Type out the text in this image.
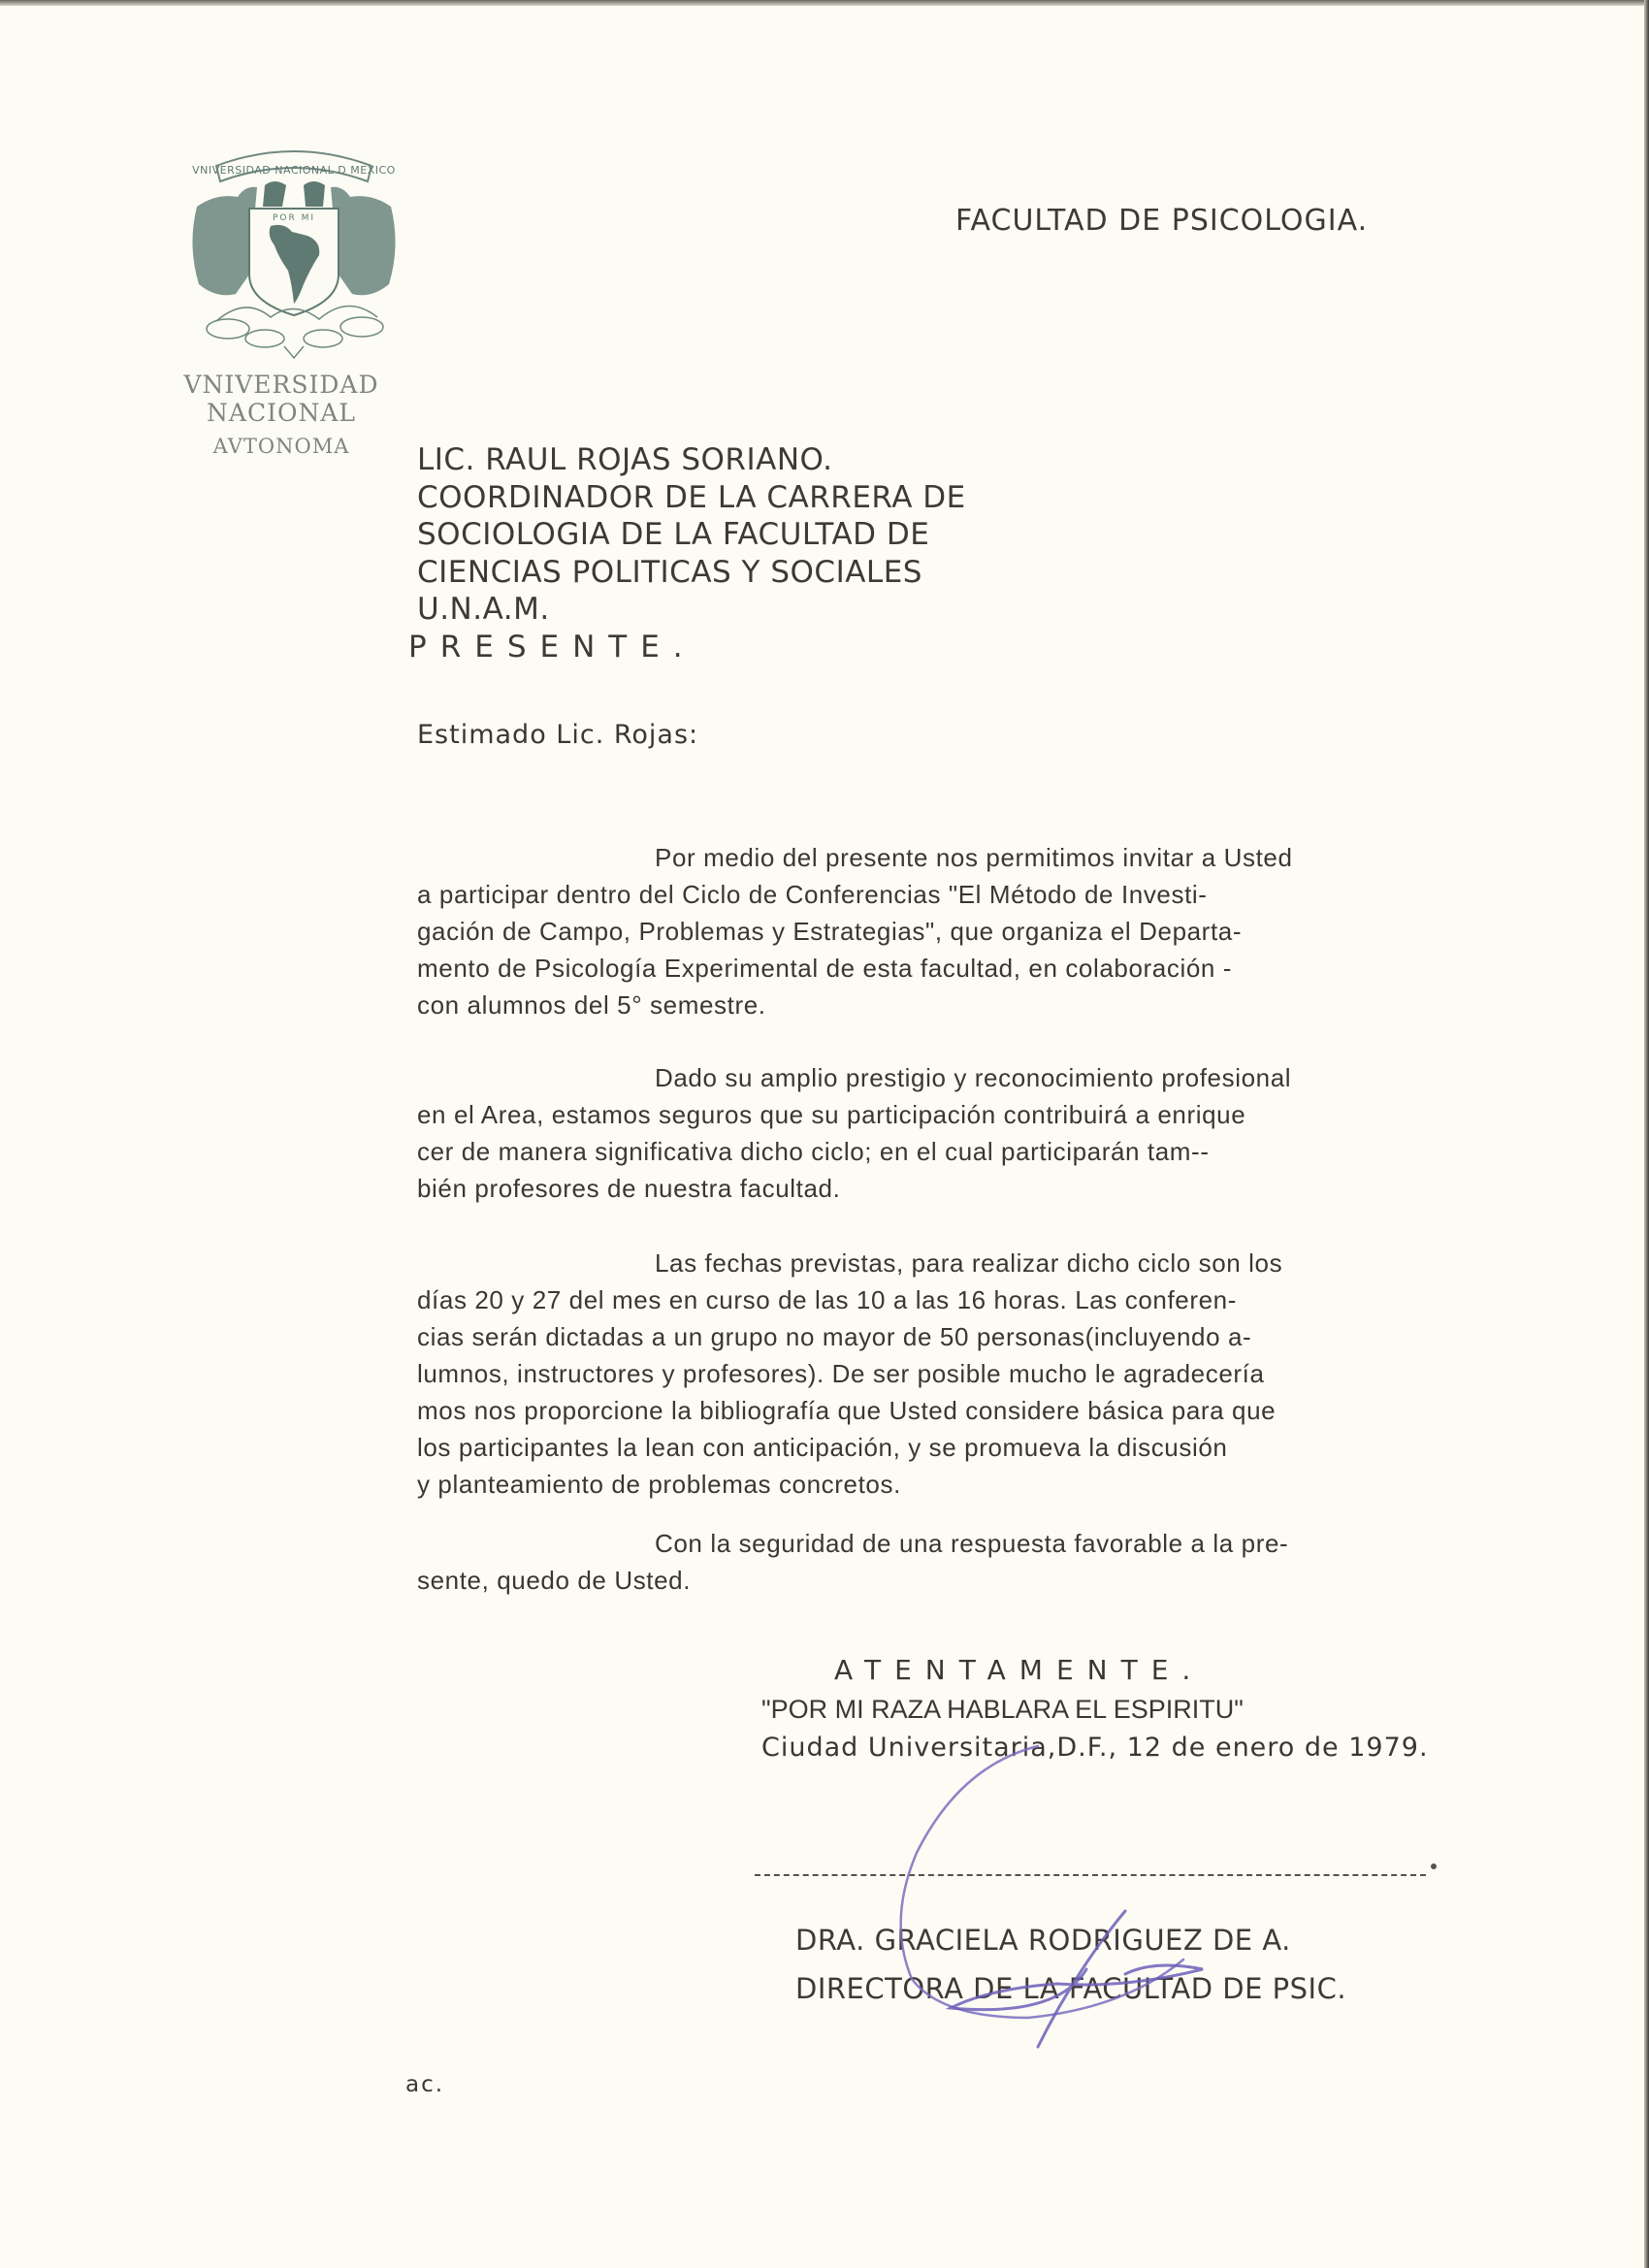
VNIVERSIDAD NACIONAL D MEXICO
POR MI
VNIVERSIDAD NACIONAL
AVTONOMA
FACULTAD DE PSICOLOGIA.
LIC. RAUL ROJAS SORIANO.
COORDINADOR DE LA CARRERA DE
SOCIOLOGIA DE LA FACULTAD DE
CIENCIAS POLITICAS Y SOCIALES
U.N.A.M.
PRESENTE.
Estimado Lic. Rojas:
Por medio del presente nos permitimos invitar a Usted
a participar dentro del Ciclo de Conferencias "El Método de Investi-
gación de Campo, Problemas y Estrategias", que organiza el Departa-
mento de Psicología Experimental de esta facultad, en colaboración -
con alumnos del 5° semestre.
Dado su amplio prestigio y reconocimiento profesional
en el Area, estamos seguros que su participación contribuirá a enrique
cer de manera significativa dicho ciclo; en el cual participarán tam--
bién profesores de nuestra facultad.
Las fechas previstas, para realizar dicho ciclo son los
días 20 y 27 del mes en curso de las 10 a las 16 horas. Las conferen-
cias serán dictadas a un grupo no mayor de 50 personas(incluyendo a-
lumnos, instructores y profesores). De ser posible mucho le agradecería
mos nos proporcione la bibliografía que Usted considere básica para que
los participantes la lean con anticipación, y se promueva la discusión
y planteamiento de problemas concretos.
Con la seguridad de una respuesta favorable a la pre-
sente, quedo de Usted.
ATENTAMENTE.
"POR MI RAZA HABLARA EL ESPIRITU"
Ciudad Universitaria,D.F., 12 de enero de 1979.
DRA. GRACIELA RODRIGUEZ DE A.
DIRECTORA DE LA FACULTAD DE PSIC.
ac.
